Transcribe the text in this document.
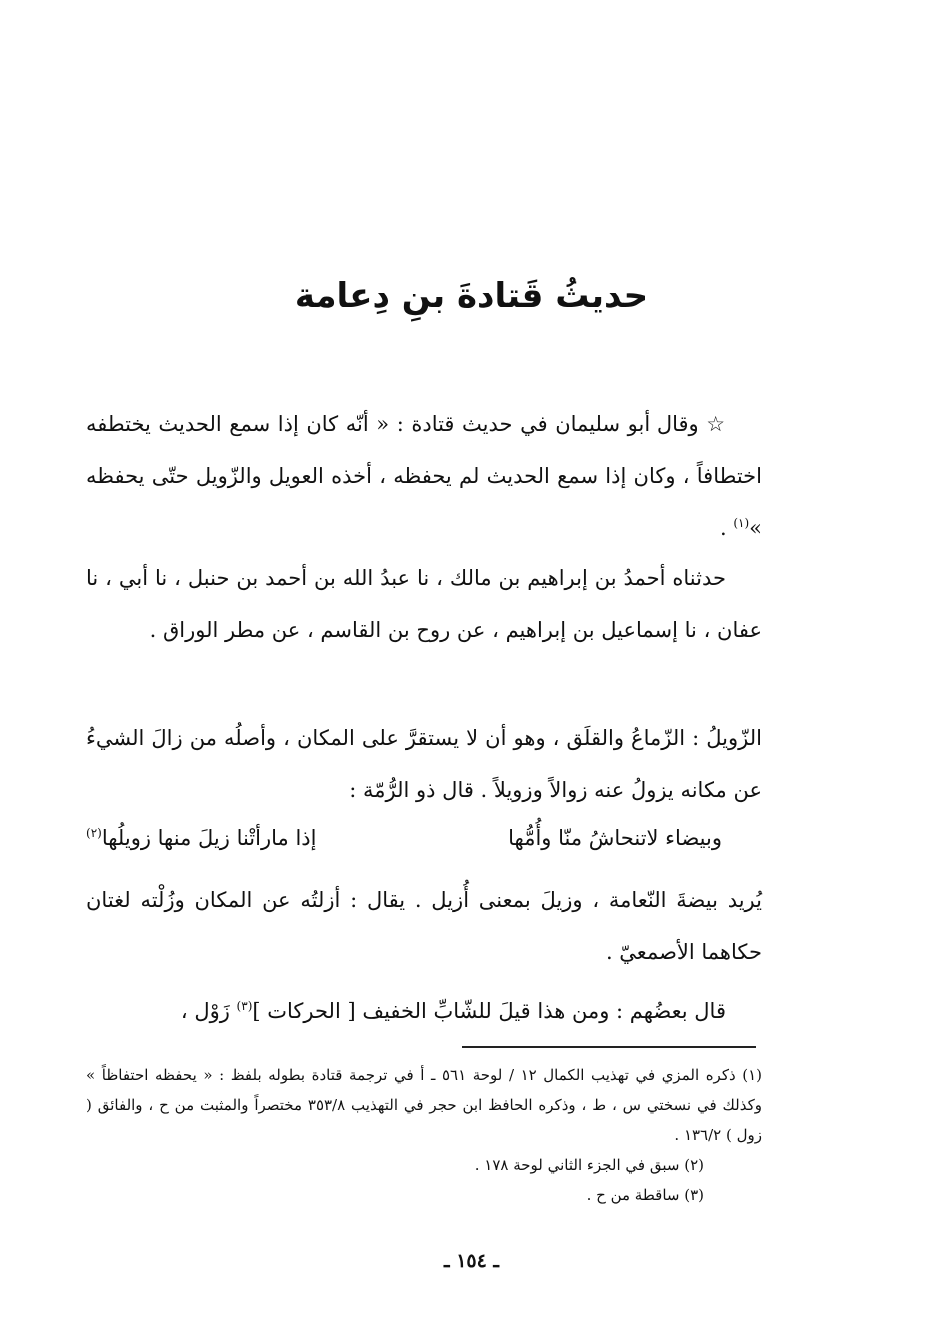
حديثُ قَتادةَ بنِ دِعامة
☆ وقال أبو سليمان في حديث قتادة : « أنّه كان إذا سمع الحديث يختطفه اختطافاً ، وكان إذا سمع الحديث لم يحفظه ، أخذه العويل والزّويل حتّى يحفظه »$^{(١)}$ .
حدثناه أحمدُ بن إبراهيم بن مالك ، نا عبدُ الله بن أحمد بن حنبل ، نا أبي ، نا عفان ، نا إسماعيل بن إبراهيم ، عن روح بن القاسم ، عن مطر الوراق .
الزّويلُ : الزّماعُ والقلَق ، وهو أن لا يستقرَّ على المكان ، وأصلُه من زالَ الشيءُ عن مكانه يزولُ عنه زوالاً وزويلاً . قال ذو الرُّمّة :
وبيضاء لاتنحاشُ منّا وأُمُّها
إذا مارأتْنا زيلَ منها زويلُها$^{(٢)}$
يُريد بيضةَ النّعامة ، وزيلَ بمعنى أُزيل . يقال : أزلتُه عن المكان وزُلْته لغتان حكاهما الأصمعيّ .
قال بعضُهم : ومن هذا قيلَ للشّابِّ الخفيف [ الحركات ]$^{(٣)}$ زَوْل ،
(١) ذكره المزي في تهذيب الكمال ١٢ / لوحة ٥٦١ ـ أ في ترجمة قتادة بطوله بلفظ : « يحفظه احتفاظاً » وكذلك في نسختي س ، ط ، وذكره الحافظ ابن حجر في التهذيب ٣٥٣/٨ مختصراً والمثبت من ح ، والفائق ( زول ) ١٣٦/٢ .
(٢) سبق في الجزء الثاني لوحة ١٧٨ .
(٣) ساقطة من ح .
ـ ١٥٤ ـ
